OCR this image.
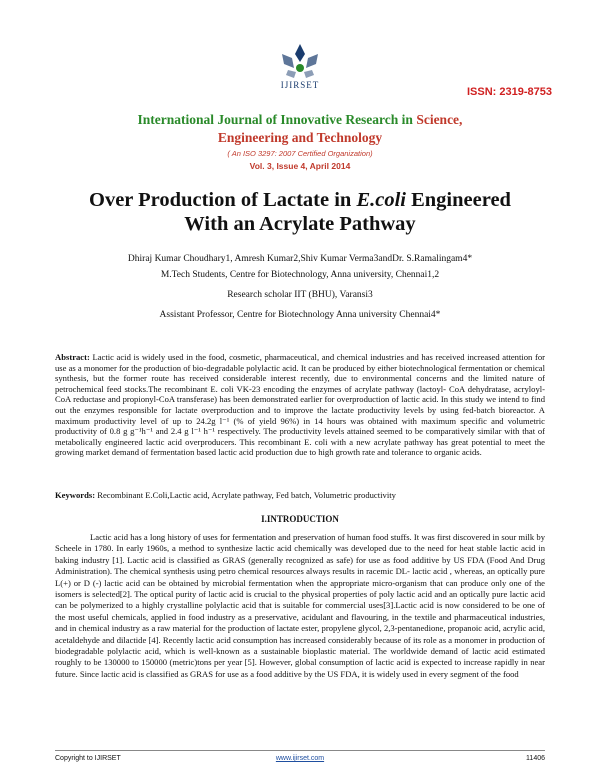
IJIRSET
ISSN: 2319-8753
International Journal of Innovative Research in Science,
Engineering and Technology
( An ISO 3297: 2007 Certified Organization)
Vol. 3, Issue 4, April 2014
Over Production of Lactate in E.coli Engineered
With an Acrylate Pathway
Dhiraj Kumar Choudhary1, Amresh Kumar2,Shiv Kumar Verma3andDr. S.Ramalingam4*
M.Tech Students, Centre for Biotechnology, Anna university, Chennai1,2
Research scholar IIT (BHU), Varansi3
Assistant Professor, Centre for Biotechnology Anna university Chennai4*
Abstract: Lactic acid is widely used in the food, cosmetic, pharmaceutical, and chemical industries and has received increased attention for use as a monomer for the production of bio-degradable polylactic acid. It can be produced by either biotechnological fermentation or chemical synthesis, but the former route has received considerable interest recently, due to environmental concerns and the limited nature of petrochemical feed stocks.The recombinant E. coli VK-23 encoding the enzymes of acrylate pathway (lactoyl- CoA dehydratase, acryloyl- CoA reductase and propionyl-CoA transferase) has been demonstrated earlier for overproduction of lactic acid. In this study we intend to find out the enzymes responsible for lactate overproduction and to improve the lactate productivity levels by using fed-batch bioreactor. A maximum productivity level of up to 24.2g l⁻¹ (% of yield 96%) in 14 hours was obtained with maximum specific and volumetric productivity of 0.8 g g⁻¹h⁻¹ and 2.4 g l⁻¹ h⁻¹ respectively. The productivity levels attained seemed to be comparatively similar with that of metabolically engineered lactic acid overproducers. This recombinant E. coli with a new acrylate pathway has great potential to meet the growing market demand of fermentation based lactic acid production due to high growth rate and tolerance to organic acids.
Keywords: Recombinant E.Coli,Lactic acid, Acrylate pathway, Fed batch, Volumetric productivity
I.INTRODUCTION
Lactic acid has a long history of uses for fermentation and preservation of human food stuffs. It was first discovered in sour milk by Scheele in 1780. In early 1960s, a method to synthesize lactic acid chemically was developed due to the need for heat stable lactic acid in baking industry [1]. Lactic acid is classified as GRAS (generally recognized as safe) for use as food additive by US FDA (Food And Drug Administration). The chemical synthesis using petro chemical resources always results in racemic DL- lactic acid , whereas, an optically pure L(+) or D (-) lactic acid can be obtained by microbial fermentation when the appropriate micro-organism that can produce only one of the isomers is selected[2]. The optical purity of lactic acid is crucial to the physical properties of poly lactic acid and an optically pure lactic acid can be polymerized to a highly crystalline polylactic acid that is suitable for commercial uses[3].Lactic acid is now considered to be one of the most useful chemicals, applied in food industry as a preservative, acidulant and flavouring, in the textile and pharmaceutical industries, and in chemical industry as a raw material for the production of lactate ester, propylene glycol, 2,3-pentanedione, propanoic acid, acrylic acid, acetaldehyde and dilactide [4]. Recently lactic acid consumption has increased considerably because of its role as a monomer in production of biodegradable polylactic acid, which is well-known as a sustainable bioplastic material. The worldwide demand of lactic acid estimated roughly to be 130000 to 150000 (metric)tons per year [5]. However, global consumption of lactic acid is expected to increase rapidly in near future. Since lactic acid is classified as GRAS for use as a food additive by the US FDA, it is widely used in every segment of the food
Copyright to IJIRSET	www.ijirset.com	11406
